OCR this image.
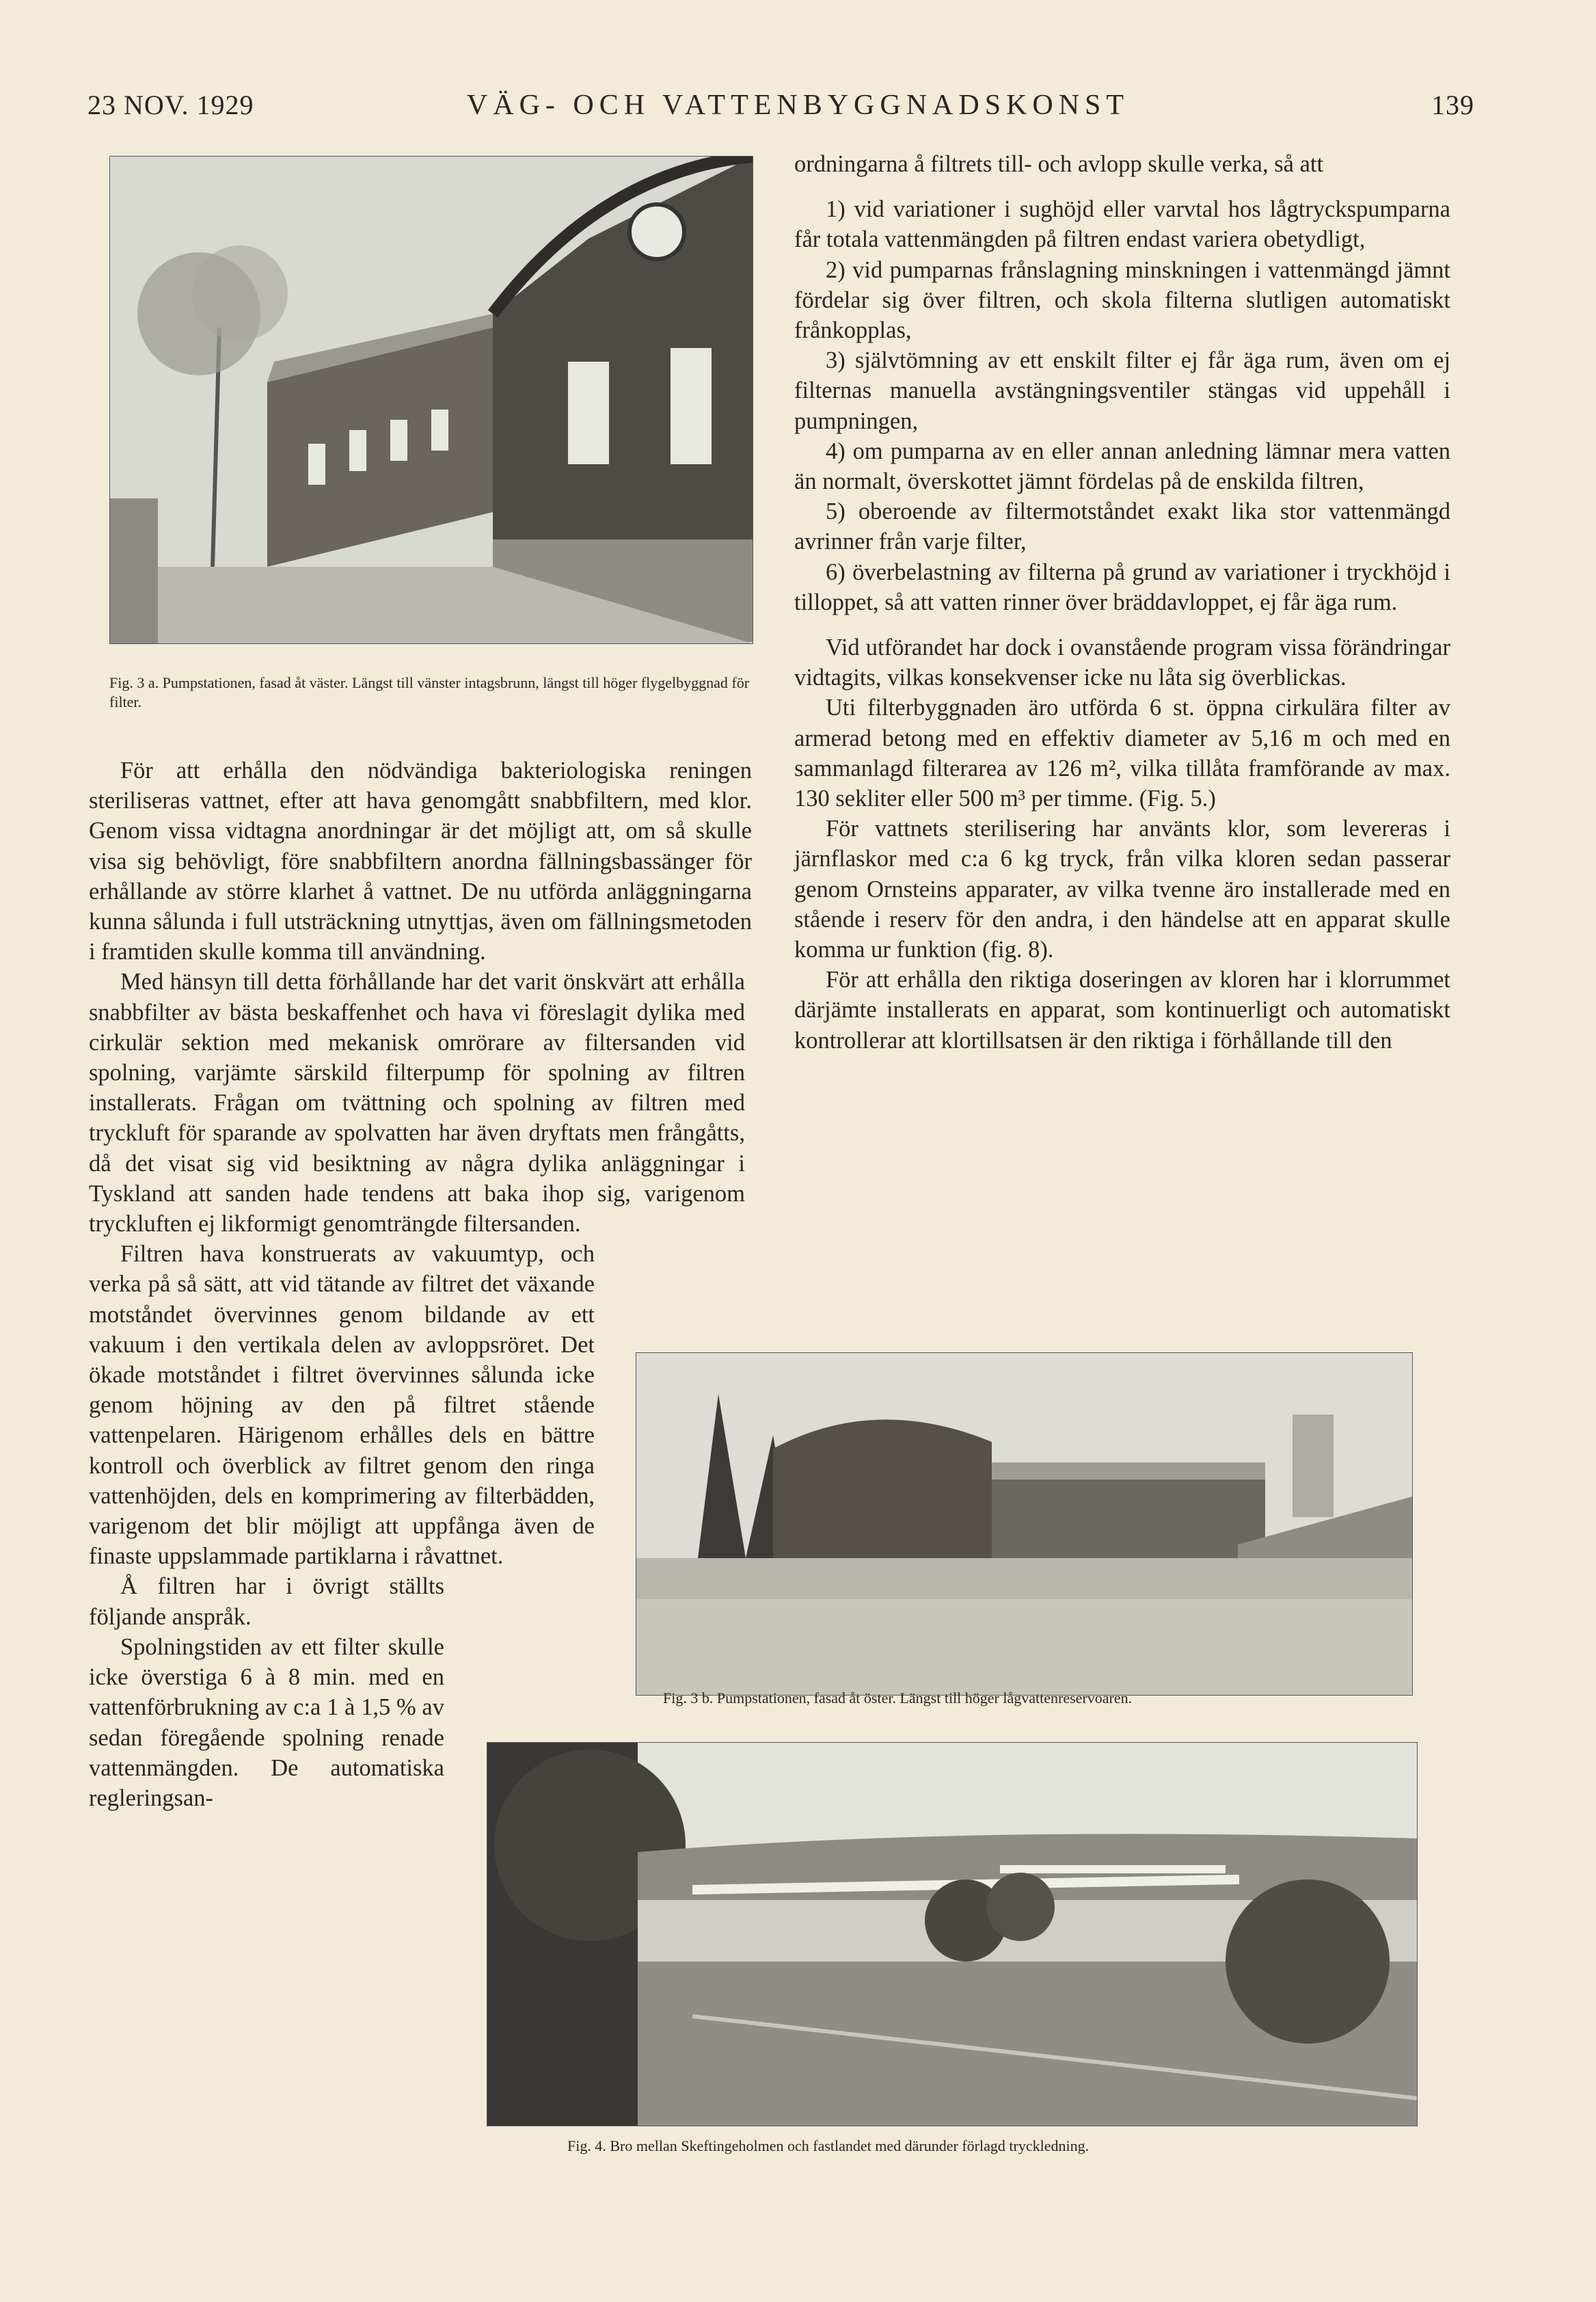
23 NOV. 1929	VÄG- OCH VATTENBYGGNADSKONST	139
Fig. 3 a. Pumpstationen, fasad åt väster. Längst till vänster intagsbrunn, längst till höger flygelbyggnad för filter.

För att erhålla den nödvändiga bakteriologiska reningen steriliseras vattnet, efter att hava genomgått snabbfiltern, med klor. Genom vissa vidtagna anordningar är det möjligt att, om så skulle visa sig behövligt, före snabbfiltern anordna fällningsbassänger för erhållande av större klarhet å vattnet. De nu utförda anläggningarna kunna sålunda i full utsträckning utnyttjas, även om fällningsmetoden i framtiden skulle komma till användning.

Med hänsyn till detta förhållande har det varit önskvärt att erhålla snabbfilter av bästa beskaffenhet och hava vi föreslagit dylika med cirkulär sektion med mekanisk omrörare av filtersanden vid spolning, varjämte särskild filterpump för spolning av filtren installerats. Frågan om tvättning och spolning av filtren med tryckluft för sparande av spolvatten har även dryftats men frångåtts, då det visat sig vid besiktning av några dylika anläggningar i Tyskland att sanden hade tendens att baka ihop sig, varigenom tryckluften ej likformigt genomträngde filtersanden.

Filtren hava konstruerats av vakuumtyp, och verka på så sätt, att vid tätande av filtret det växande motståndet övervinnes genom bildande av ett vakuum i den vertikala delen av avloppsröret. Det ökade motståndet i filtret övervinnes sålunda icke genom höjning av den på filtret stående vattenpelaren. Härigenom erhålles dels en bättre kontroll och överblick av filtret genom den ringa vattenhöjden, dels en komprimering av filterbädden, varigenom det blir möjligt att uppfånga även de finaste uppslammade partiklarna i råvattnet.

Å filtren har i övrigt ställts följande anspråk.

Spolningstiden av ett filter skulle icke överstiga 6 à 8 min. med en vattenförbrukning av c:a 1 à 1,5 % av sedan föregående spolning renade vattenmängden. De automatiska regleringsan-

ordningarna å filtrets till- och avlopp skulle verka, så att

1) vid variationer i sughöjd eller varvtal hos lågtryckspumparna får totala vattenmängden på filtren endast variera obetydligt,

2) vid pumparnas frånslagning minskningen i vattenmängd jämnt fördelar sig över filtren, och skola filterna slutligen automatiskt frånkopplas,

3) självtömning av ett enskilt filter ej får äga rum, även om ej filternas manuella avstängningsventiler stängas vid uppehåll i pumpningen,

4) om pumparna av en eller annan anledning lämnar mera vatten än normalt, överskottet jämnt fördelas på de enskilda filtren,

5) oberoende av filtermotståndet exakt lika stor vattenmängd avrinner från varje filter,

6) överbelastning av filterna på grund av variationer i tryckhöjd i tilloppet, så att vatten rinner över bräddavloppet, ej får äga rum.

Vid utförandet har dock i ovanstående program vissa förändringar vidtagits, vilkas konsekvenser icke nu låta sig överblickas.

Uti filterbyggnaden äro utförda 6 st. öppna cirkulära filter av armerad betong med en effektiv diameter av 5,16 m och med en sammanlagd filterarea av 126 m², vilka tillåta framförande av max. 130 sekliter eller 500 m³ per timme. (Fig. 5.)

För vattnets sterilisering har använts klor, som levereras i järnflaskor med c:a 6 kg tryck, från vilka kloren sedan passerar genom Ornsteins apparater, av vilka tvenne äro installerade med en stående i reserv för den andra, i den händelse att en apparat skulle komma ur funktion (fig. 8).

För att erhålla den riktiga doseringen av kloren har i klorrummet därjämte installerats en apparat, som kontinuerligt och automatiskt kontrollerar att klortillsatsen är den riktiga i förhållande till den

Fig. 3 b. Pumpstationen, fasad åt öster. Längst till höger lågvattenreservoaren.
Fig. 4. Bro mellan Skeftingeholmen och fastlandet med därunder förlagd tryckledning.
